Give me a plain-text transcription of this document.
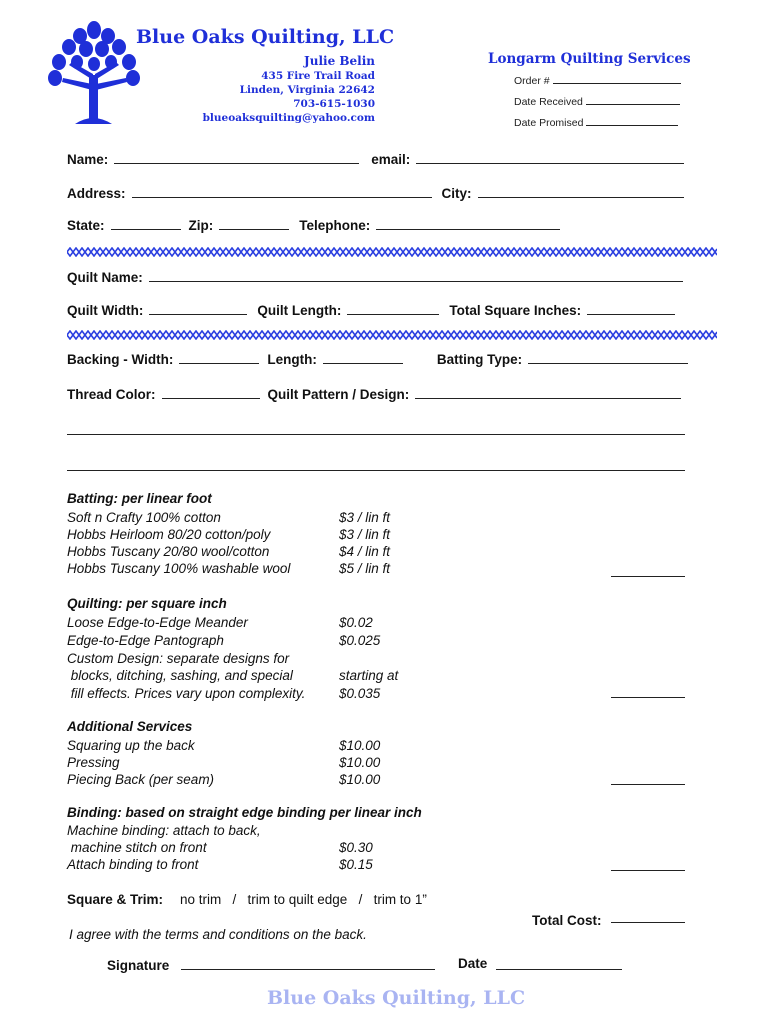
Blue Oaks Quilting, LLC
Julie Belin
435 Fire Trail Road
Linden, Virginia 22642
703-615-1030
blueoaksquilting@yahoo.com
Longarm Quilting Services
Order #
Date Received
Date Promised
Name:	email:
Address:	City:
State:	Zip:	Telephone:
Quilt Name:
Quilt Width:	Quilt Length:	Total Square Inches:
Backing - Width:	Length:	Batting Type:
Thread Color:	Quilt Pattern / Design:
Batting: per linear foot
Soft n Crafty 100% cotton	$3 / lin ft
Hobbs Heirloom 80/20 cotton/poly	$3 / lin ft
Hobbs Tuscany 20/80 wool/cotton	$4 / lin ft
Hobbs Tuscany 100% washable wool	$5 / lin ft
Quilting: per square inch
Loose Edge-to-Edge Meander	$0.02
Edge-to-Edge Pantograph	$0.025
Custom Design: separate designs for
blocks, ditching, sashing, and special	starting at
fill effects. Prices vary upon complexity. $0.035
Additional Services
Squaring up the back	$10.00
Pressing	$10.00
Piecing Back (per seam)	$10.00
Binding: based on straight edge binding per linear inch
Machine binding: attach to back,
machine stitch on front	$0.30
Attach binding to front	$0.15
Square & Trim: no trim   /   trim to quilt edge   /   trim to 1”
Total Cost:
I agree with the terms and conditions on the back.
Signature	Date
Blue Oaks Quilting, LLC
